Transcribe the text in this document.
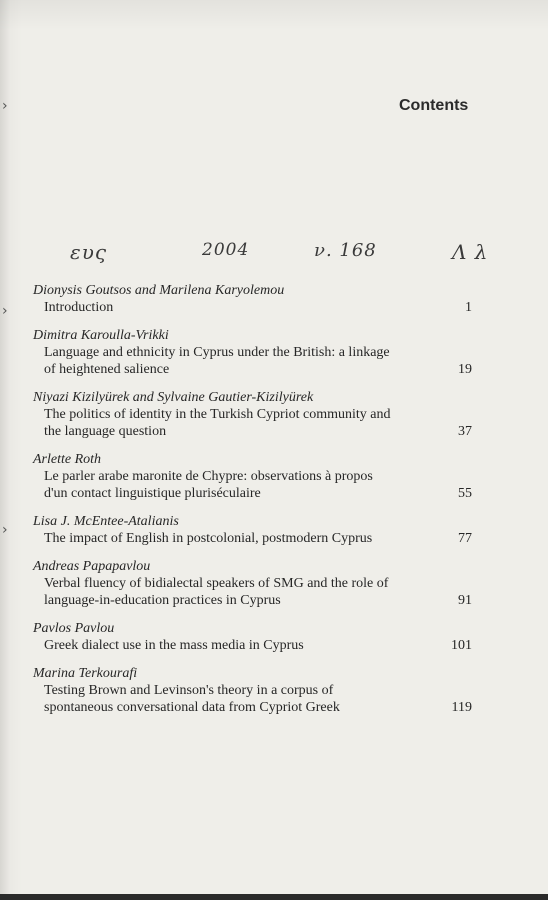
›
›
›
Contents
ευς	2004	ν. 168	Λ λ
Dionysis Goutsos and Marilena Karyolemou
Introduction	1
Dimitra Karoulla-Vrikki
Language and ethnicity in Cyprus under the British: a linkage
of heightened salience	19
Niyazi Kizilyürek and Sylvaine Gautier-Kizilyürek
The politics of identity in the Turkish Cypriot community and
the language question	37
Arlette Roth
Le parler arabe maronite de Chypre: observations à propos
d'un contact linguistique pluriséculaire	55
Lisa J. McEntee-Atalianis
The impact of English in postcolonial, postmodern Cyprus	77
Andreas Papapavlou
Verbal fluency of bidialectal speakers of SMG and the role of
language-in-education practices in Cyprus	91
Pavlos Pavlou
Greek dialect use in the mass media in Cyprus	101
Marina Terkourafi
Testing Brown and Levinson's theory in a corpus of
spontaneous conversational data from Cypriot Greek	119
